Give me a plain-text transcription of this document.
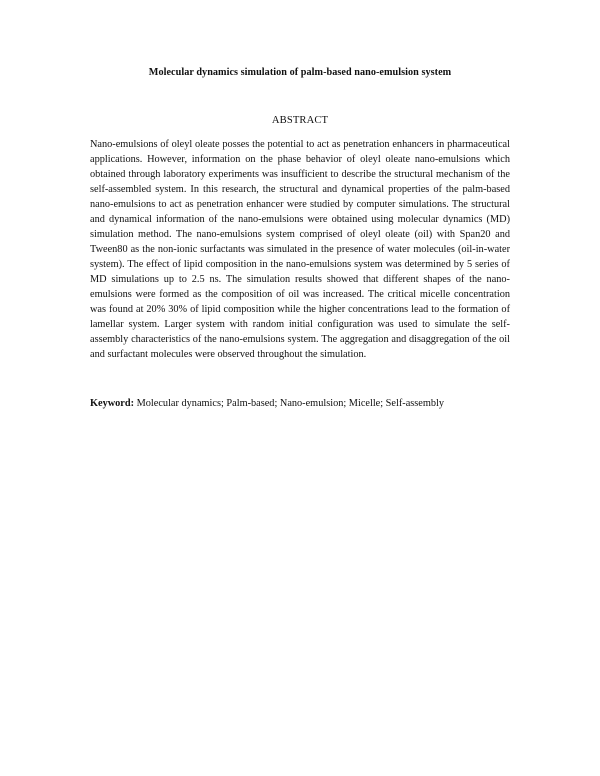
Molecular dynamics simulation of palm-based nano-emulsion system
ABSTRACT

Nano-emulsions of oleyl oleate posses the potential to act as penetration enhancers in pharmaceutical applications. However, information on the phase behavior of oleyl oleate nano-emulsions which obtained through laboratory experiments was insufficient to describe the structural mechanism of the self-assembled system. In this research, the structural and dynamical properties of the palm-based nano-emulsions to act as penetration enhancer were studied by computer simulations. The structural and dynamical information of the nano-emulsions were obtained using molecular dynamics (MD) simulation method. The nano-emulsions system comprised of oleyl oleate (oil) with Span20 and Tween80 as the non-ionic surfactants was simulated in the presence of water molecules (oil-in-water system). The effect of lipid composition in the nano-emulsions system was determined by 5 series of MD simulations up to 2.5 ns. The simulation results showed that different shapes of the nano-emulsions were formed as the composition of oil was increased. The critical micelle concentration was found at 20% 30% of lipid composition while the higher concentrations lead to the formation of lamellar system. Larger system with random initial configuration was used to simulate the self-assembly characteristics of the nano-emulsions system. The aggregation and disaggregation of the oil and surfactant molecules were observed throughout the simulation.

Keyword: Molecular dynamics; Palm-based; Nano-emulsion; Micelle; Self-assembly
